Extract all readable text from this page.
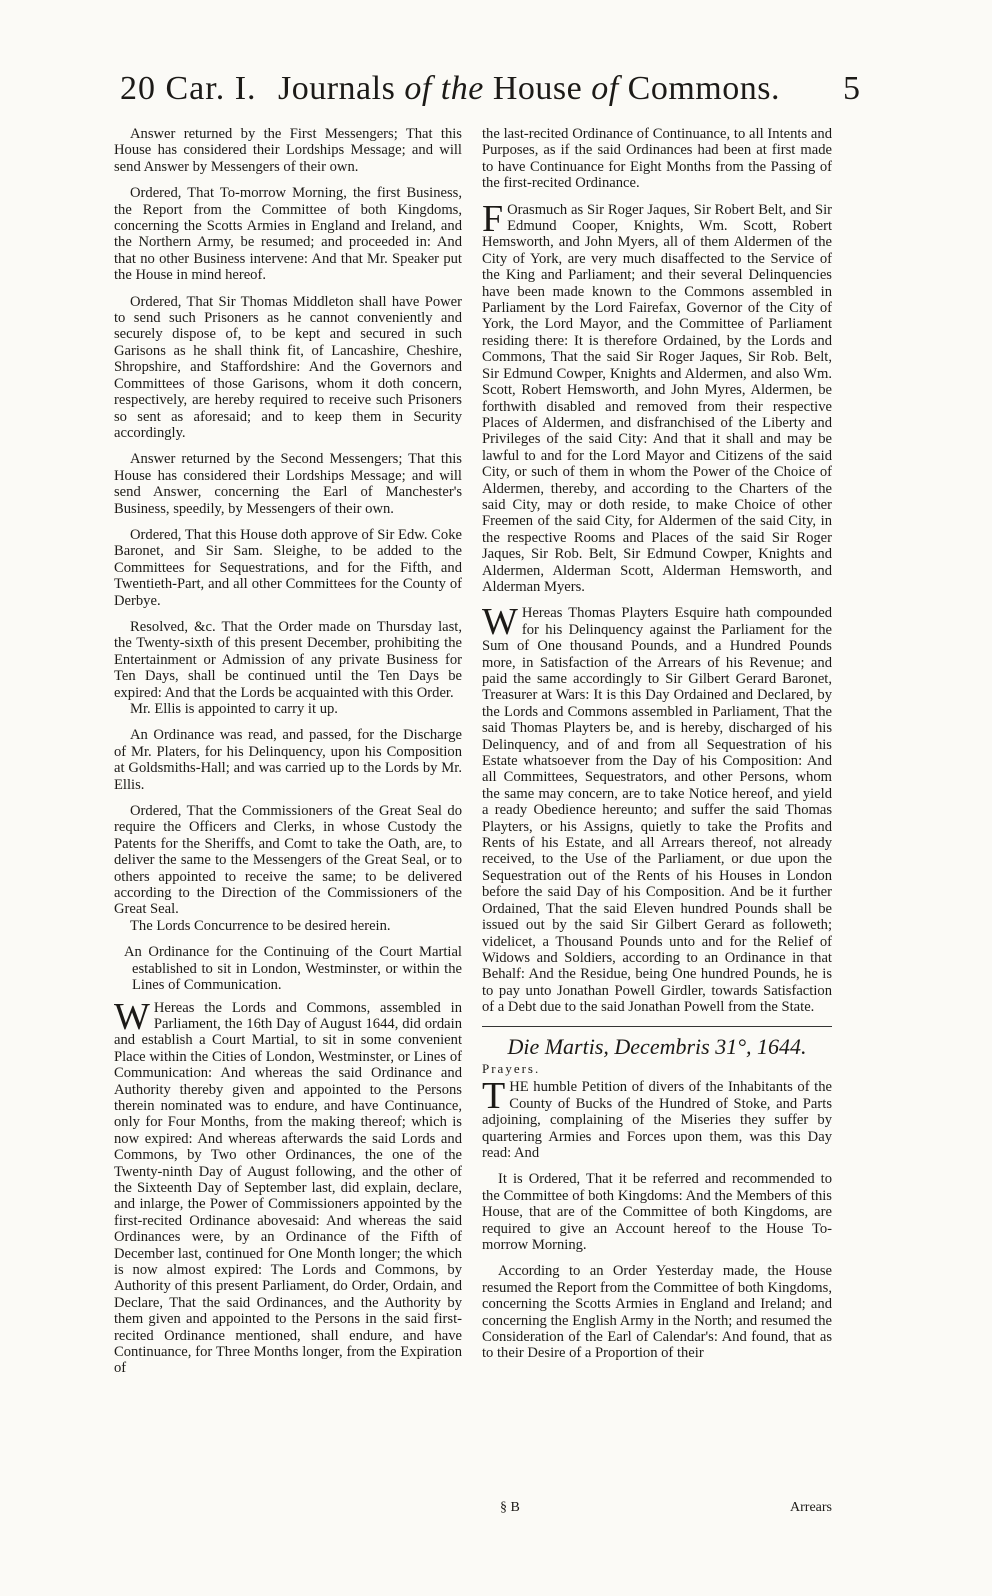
20 Car. I. Journals of the House of Commons. 5

Answer returned by the First Messengers; That this House has considered their Lordships Message; and will send Answer by Messengers of their own.

Ordered, That To-morrow Morning, the first Business, the Report from the Committee of both Kingdoms, concerning the Scotts Armies in England and Ireland, and the Northern Army, be resumed; and proceeded in: And that no other Business intervene: And that Mr. Speaker put the House in mind hereof.

Ordered, That Sir Thomas Middleton shall have Power to send such Prisoners as he cannot conveniently and securely dispose of, to be kept and secured in such Garisons as he shall think fit, of Lancashire, Cheshire, Shropshire, and Staffordshire: And the Governors and Committees of those Garisons, whom it doth concern, respectively, are hereby required to receive such Prisoners so sent as aforesaid; and to keep them in Security accordingly.

Answer returned by the Second Messengers; That this House has considered their Lordships Message; and will send Answer, concerning the Earl of Manchester's Business, speedily, by Messengers of their own.

Ordered, That this House doth approve of Sir Edw. Coke Baronet, and Sir Sam. Sleighe, to be added to the Committees for Sequestrations, and for the Fifth, and Twentieth-Part, and all other Committees for the County of Derbye.

Resolved, &c. That the Order made on Thursday last, the Twenty-sixth of this present December, prohibiting the Entertainment or Admission of any private Business for Ten Days, shall be continued until the Ten Days be expired: And that the Lords be acquainted with this Order.

Mr. Ellis is appointed to carry it up.

An Ordinance was read, and passed, for the Discharge of Mr. Platers, for his Delinquency, upon his Composition at Goldsmiths-Hall; and was carried up to the Lords by Mr. Ellis.

Ordered, That the Commissioners of the Great Seal do require the Officers and Clerks, in whose Custody the Patents for the Sheriffs, and Comt to take the Oath, are, to deliver the same to the Messengers of the Great Seal, or to others appointed to receive the same; to be delivered according to the Direction of the Commissioners of the Great Seal.

The Lords Concurrence to be desired herein.

An Ordinance for the Continuing of the Court Martial established to sit in London, Westminster, or within the Lines of Communication.

W Hereas the Lords and Commons, assembled in Parliament, the 16th Day of August 1644, did ordain and establish a Court Martial, to sit in some convenient Place within the Cities of London, Westminster, or Lines of Communication: And whereas the said Ordinance and Authority thereby given and appointed to the Persons therein nominated was to endure, and have Continuance, only for Four Months, from the making thereof; which is now expired: And whereas afterwards the said Lords and Commons, by Two other Ordinances, the one of the Twenty-ninth Day of August following, and the other of the Sixteenth Day of September last, did explain, declare, and inlarge, the Power of Commissioners appointed by the first-recited Ordinance abovesaid: And whereas the said Ordinances were, by an Ordinance of the Fifth of December last, continued for One Month longer; the which is now almost expired: The Lords and Commons, by Authority of this present Parliament, do Order, Ordain, and Declare, That the said Ordinances, and the Authority by them given and appointed to the Persons in the said first-recited Ordinance mentioned, shall endure, and have Continuance, for Three Months longer, from the Expiration of

the last-recited Ordinance of Continuance, to all Intents and Purposes, as if the said Ordinances had been at first made to have Continuance for Eight Months from the Passing of the first-recited Ordinance.

F Orasmuch as Sir Roger Jaques, Sir Robert Belt, and Sir Edmund Cooper, Knights, Wm. Scott, Robert Hemsworth, and John Myers, all of them Aldermen of the City of York, are very much disaffected to the Service of the King and Parliament; and their several Delinquencies have been made known to the Commons assembled in Parliament by the Lord Fairefax, Governor of the City of York, the Lord Mayor, and the Committee of Parliament residing there: It is therefore Ordained, by the Lords and Commons, That the said Sir Roger Jaques, Sir Rob. Belt, Sir Edmund Cowper, Knights and Aldermen, and also Wm. Scott, Robert Hemsworth, and John Myres, Aldermen, be forthwith disabled and removed from their respective Places of Aldermen, and disfranchised of the Liberty and Privileges of the said City: And that it shall and may be lawful to and for the Lord Mayor and Citizens of the said City, or such of them in whom the Power of the Choice of Aldermen, thereby, and according to the Charters of the said City, may or doth reside, to make Choice of other Freemen of the said City, for Aldermen of the said City, in the respective Rooms and Places of the said Sir Roger Jaques, Sir Rob. Belt, Sir Edmund Cowper, Knights and Aldermen, Alderman Scott, Alderman Hemsworth, and Alderman Myers.

W Hereas Thomas Playters Esquire hath compounded for his Delinquency against the Parliament for the Sum of One thousand Pounds, and a Hundred Pounds more, in Satisfaction of the Arrears of his Revenue; and paid the same accordingly to Sir Gilbert Gerard Baronet, Treasurer at Wars: It is this Day Ordained and Declared, by the Lords and Commons assembled in Parliament, That the said Thomas Playters be, and is hereby, discharged of his Delinquency, and of and from all Sequestration of his Estate whatsoever from the Day of his Composition: And all Committees, Sequestrators, and other Persons, whom the same may concern, are to take Notice hereof, and yield a ready Obedience hereunto; and suffer the said Thomas Playters, or his Assigns, quietly to take the Profits and Rents of his Estate, and all Arrears thereof, not already received, to the Use of the Parliament, or due upon the Sequestration out of the Rents of his Houses in London before the said Day of his Composition. And be it further Ordained, That the said Eleven hundred Pounds shall be issued out by the said Sir Gilbert Gerard as followeth; videlicet, a Thousand Pounds unto and for the Relief of Widows and Soldiers, according to an Ordinance in that Behalf: And the Residue, being One hundred Pounds, he is to pay unto Jonathan Powell Girdler, towards Satisfaction of a Debt due to the said Jonathan Powell from the State.

Die Martis, Decembris 31°, 1644.
Prayers.

THE humble Petition of divers of the Inhabitants of the County of Bucks of the Hundred of Stoke, and Parts adjoining, complaining of the Miseries they suffer by quartering Armies and Forces upon them, was this Day read: And

It is Ordered, That it be referred and recommended to the Committee of both Kingdoms: And the Members of this House, that are of the Committee of both Kingdoms, are required to give an Account hereof to the House To-morrow Morning.

According to an Order Yesterday made, the House resumed the Report from the Committee of both Kingdoms, concerning the Scotts Armies in England and Ireland; and concerning the English Army in the North; and resumed the Consideration of the Earl of Calendar's: And found, that as to their Desire of a Proportion of their

§ B	Arrears
